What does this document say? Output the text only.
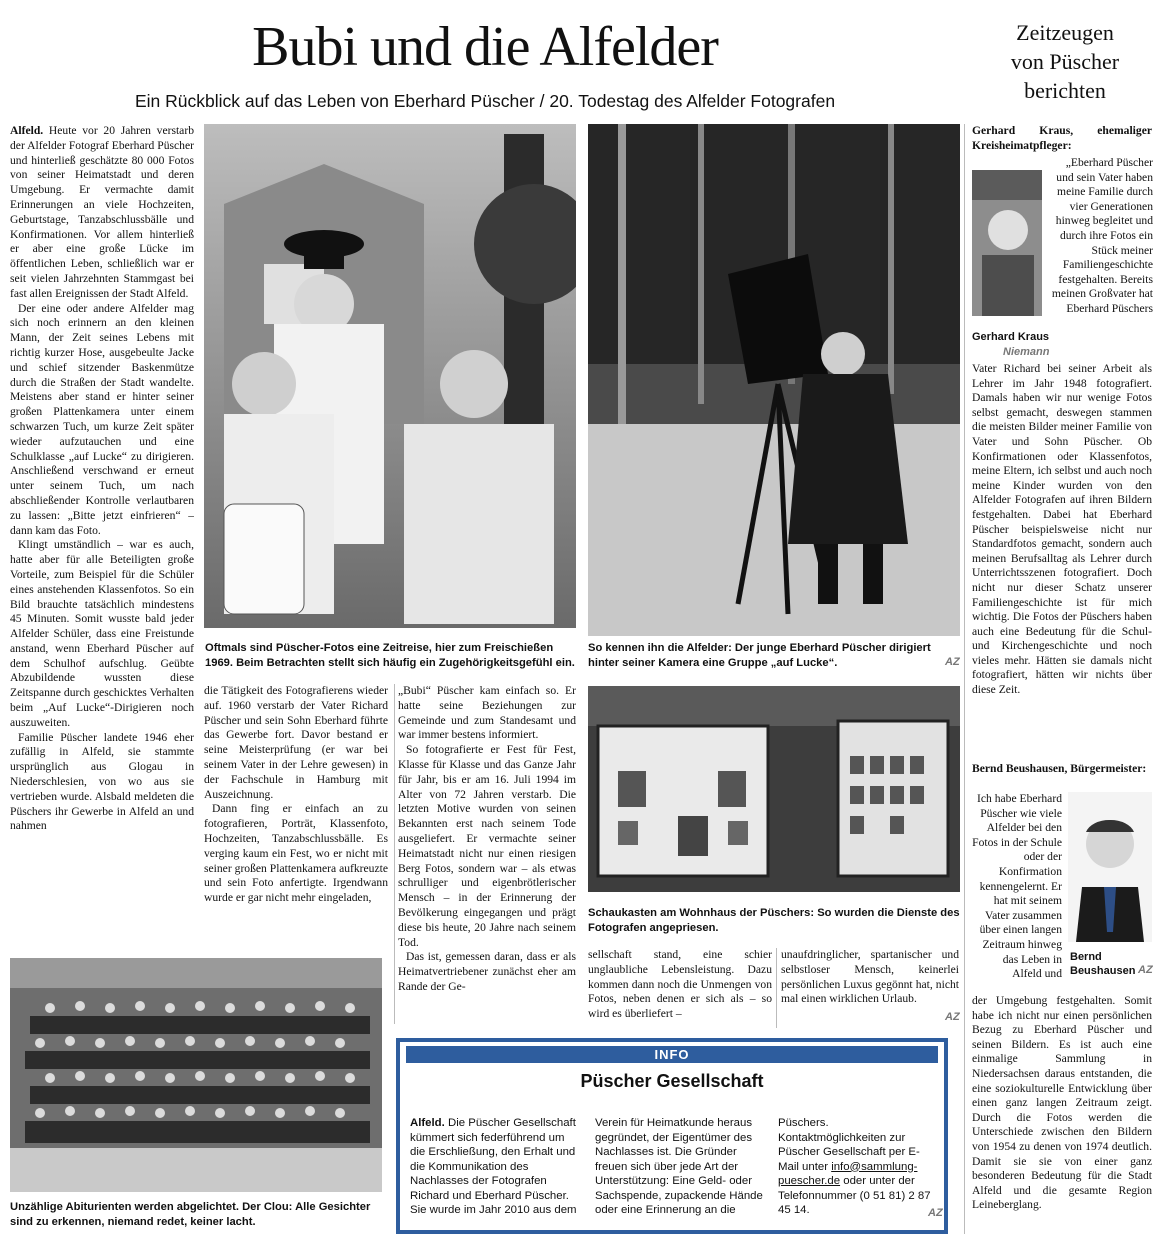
Bubi und die Alfelder
Ein Rückblick auf das Leben von Eberhard Püscher / 20. Todestag des Alfelder Fotografen
Zeitzeugen
von Püscher
berichten

Alfeld. Heute vor 20 Jahren verstarb der Alfelder Fotograf Eberhard Püscher und hinterließ geschätzte 80 000 Fotos von seiner Heimatstadt und deren Umgebung. Er vermachte damit Erinnerungen an viele Hochzeiten, Geburtstage, Tanzabschlussbälle und Konfirmationen. Vor allem hinterließ er aber eine große Lücke im öffentlichen Leben, schließlich war er seit vielen Jahrzehnten Stammgast bei fast allen Ereignissen der Stadt Alfeld.

Der eine oder andere Alfelder mag sich noch erinnern an den kleinen Mann, der Zeit seines Lebens mit richtig kurzer Hose, ausgebeulte Jacke und schief sitzender Baskenmütze durch die Straßen der Stadt wandelte. Meistens aber stand er hinter seiner großen Plattenkamera unter einem schwarzen Tuch, um kurze Zeit später wieder aufzutauchen und eine Schulklasse „auf Lucke“ zu dirigieren. Anschließend verschwand er erneut unter seinem Tuch, um nach abschließender Kontrolle verlautbaren zu lassen: „Bitte jetzt einfrieren“ – dann kam das Foto.

Klingt umständlich – war es auch, hatte aber für alle Beteiligten große Vorteile, zum Beispiel für die Schüler eines anstehenden Klassenfotos. So ein Bild brauchte tatsächlich mindestens 45 Minuten. Somit wusste bald jeder Alfelder Schüler, dass eine Freistunde anstand, wenn Eberhard Püscher auf dem Schulhof aufschlug. Geübte Abzubildende wussten diese Zeitspanne durch geschicktes Verhalten beim „Auf Lucke“-Dirigieren noch auszuweiten.

Familie Püscher landete 1946 eher zufällig in Alfeld, sie stammte ursprünglich aus Glogau in Niederschlesien, von wo aus sie vertrieben wurde. Alsbald meldeten die Püschers ihr Gewerbe in Alfeld an und nahmen

Oftmals sind Püscher-Fotos eine Zeitreise, hier zum Freischießen 1969. Beim Betrachten stellt sich häufig ein Zugehörigkeitsgefühl ein.
So kennen ihn die Alfelder: Der junge Eberhard Püscher dirigiert hinter seiner Kamera eine Gruppe „auf Lucke“.	AZ

die Tätigkeit des Fotografierens wieder auf. 1960 verstarb der Vater Richard Püscher und sein Sohn Eberhard führte das Gewerbe fort. Davor bestand er seine Meisterprüfung (er war bei seinem Vater in der Lehre gewesen) in der Fachschule in Hamburg mit Auszeichnung.

Dann fing er einfach an zu fotografieren, Porträt, Klassenfoto, Hochzeiten, Tanzabschlussbälle. Es verging kaum ein Fest, wo er nicht mit seiner großen Plattenkamera aufkreuzte und sein Foto anfertigte. Irgendwann wurde er gar nicht mehr eingeladen,

„Bubi“ Püscher kam einfach so. Er hatte seine Beziehungen zur Gemeinde und zum Standesamt und war immer bestens informiert.

So fotografierte er Fest für Fest, Klasse für Klasse und das Ganze Jahr für Jahr, bis er am 16. Juli 1994 im Alter von 72 Jahren verstarb. Die letzten Motive wurden von seinen Bekannten erst nach seinem Tode ausgeliefert. Er vermachte seiner Heimatstadt nicht nur einen riesigen Berg Fotos, sondern war – als etwas schrulliger und eigenbrötlerischer Mensch – in der Erinnerung der Bevölkerung eingegangen und prägt diese bis heute, 20 Jahre nach seinem Tod.

Das ist, gemessen daran, dass er als Heimatvertriebener zunächst eher am Rande der Ge-

Schaukasten am Wohnhaus der Püschers: So wurden die Dienste des Fotografen angepriesen.

sellschaft stand, eine schier unglaubliche Lebensleistung. Dazu kommen dann noch die Unmengen von Fotos, neben denen er sich als – so wird es überliefert –

unaufdringlicher, spartanischer und selbstloser Mensch, keinerlei persönlichen Luxus gegönnt hat, nicht mal einen wirklichen Urlaub.

AZ
Unzählige Abiturienten werden abgelichtet. Der Clou: Alle Gesichter sind zu erkennen, niemand redet, keiner lacht.
INFO
Püscher Gesellschaft
Alfeld. Die Püscher Gesellschaft kümmert sich federführend um die Erschließung, den Erhalt und die Kommunikation des Nachlasses der Fotografen Richard und Eberhard Püscher. Sie wurde im Jahr 2010 aus dem
Verein für Heimatkunde heraus gegründet, der Eigentümer des Nachlasses ist. Die Gründer freuen sich über jede Art der Unterstützung: Eine Geld- oder Sachspende, zupackende Hände oder eine Erinnerung an die
Püschers. Kontaktmöglichkeiten zur Püscher Gesellschaft per E-Mail unter info@sammlung-puescher.de oder unter der Telefonnummer (0 51 81) 2 87 45 14.	AZ
Gerhard Kraus, ehemaliger Kreisheimatpfleger:
„Eberhard Püscher und sein Vater haben meine Familie durch vier Generationen hinweg begleitet und durch ihre Fotos ein Stück meiner Familiengeschichte festgehalten. Bereits meinen Großvater hat Eberhard Püschers
Gerhard Kraus
Niemann
Vater Richard bei seiner Arbeit als Lehrer im Jahr 1948 fotografiert. Damals haben wir nur wenige Fotos selbst gemacht, deswegen stammen die meisten Bilder meiner Familie von Vater und Sohn Püscher. Ob Konfirmationen oder Klassenfotos, meine Eltern, ich selbst und auch noch meine Kinder wurden von den Alfelder Fotografen auf ihren Bildern festgehalten. Dabei hat Eberhard Püscher beispielsweise nicht nur Standardfotos gemacht, sondern auch meinen Berufsalltag als Lehrer durch Unterrichtsszenen fotografiert. Doch nicht nur dieser Schatz unserer Familiengeschichte ist für mich wichtig. Die Fotos der Püschers haben auch eine Bedeutung für die Schul- und Kirchengeschichte und noch vieles mehr. Hätten sie damals nicht fotografiert, hätten wir nichts über diese Zeit.
Bernd Beushausen, Bürgermeister:
Ich habe Eberhard Püscher wie viele Alfelder bei den Fotos in der Schule oder der Konfirmation kennengelernt. Er hat mit seinem Vater zusammen über einen langen Zeitraum hinweg das Leben in Alfeld und
Bernd Beushausen AZ
der Umgebung festgehalten. Somit habe ich nicht nur einen persönlichen Bezug zu Eberhard Püscher und seinen Bildern. Es ist auch eine einmalige Sammlung in Niedersachsen daraus entstanden, die eine soziokulturelle Entwicklung über einen ganz langen Zeitraum zeigt. Durch die Fotos werden die Unterschiede zwischen den Bildern von 1954 zu denen von 1974 deutlich. Damit sie sie von einer ganz besonderen Bedeutung für die Stadt Alfeld und die gesamte Region Leineberglang.
